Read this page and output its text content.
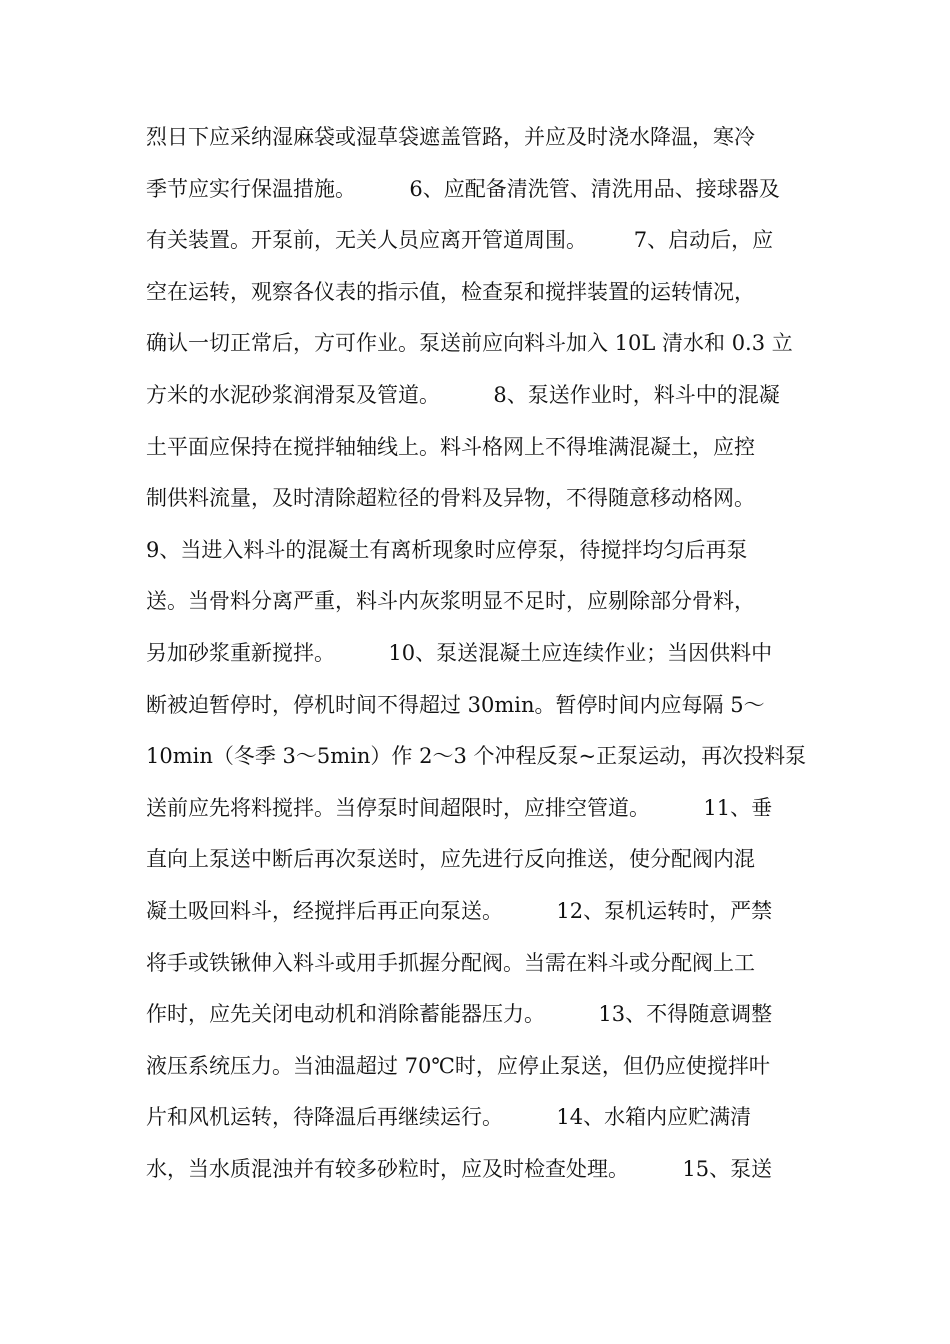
烈日下应采纳湿麻袋或湿草袋遮盖管路，并应及时浇水降温，寒冷
季节应实行保温措施。        6、应配备清洗管、清洗用品、接球器及
有关装置。开泵前，无关人员应离开管道周围。       7、启动后，应
空在运转，观察各仪表的指示值，检查泵和搅拌装置的运转情况，
确认一切正常后，方可作业。泵送前应向料斗加入 10L 清水和 0.3 立
方米的水泥砂浆润滑泵及管道。        8、泵送作业时，料斗中的混凝
土平面应保持在搅拌轴轴线上。料斗格网上不得堆满混凝土，应控
制供料流量，及时清除超粒径的骨料及异物，不得随意移动格网。
9、当进入料斗的混凝土有离析现象时应停泵，待搅拌均匀后再泵
送。当骨料分离严重，料斗内灰浆明显不足时，应剔除部分骨料，
另加砂浆重新搅拌。        10、泵送混凝土应连续作业；当因供料中
断被迫暂停时，停机时间不得超过 30min。暂停时间内应每隔 5～
10min（冬季 3～5min）作 2～3 个冲程反泵~正泵运动，再次投料泵
送前应先将料搅拌。当停泵时间超限时，应排空管道。        11、垂
直向上泵送中断后再次泵送时，应先进行反向推送，使分配阀内混
凝土吸回料斗，经搅拌后再正向泵送。        12、泵机运转时，严禁
将手或铁锹伸入料斗或用手抓握分配阀。当需在料斗或分配阀上工
作时，应先关闭电动机和消除蓄能器压力。        13、不得随意调整
液压系统压力。当油温超过 70℃时，应停止泵送，但仍应使搅拌叶
片和风机运转，待降温后再继续运行。        14、水箱内应贮满清
水，当水质混浊并有较多砂粒时，应及时检查处理。        15、泵送
